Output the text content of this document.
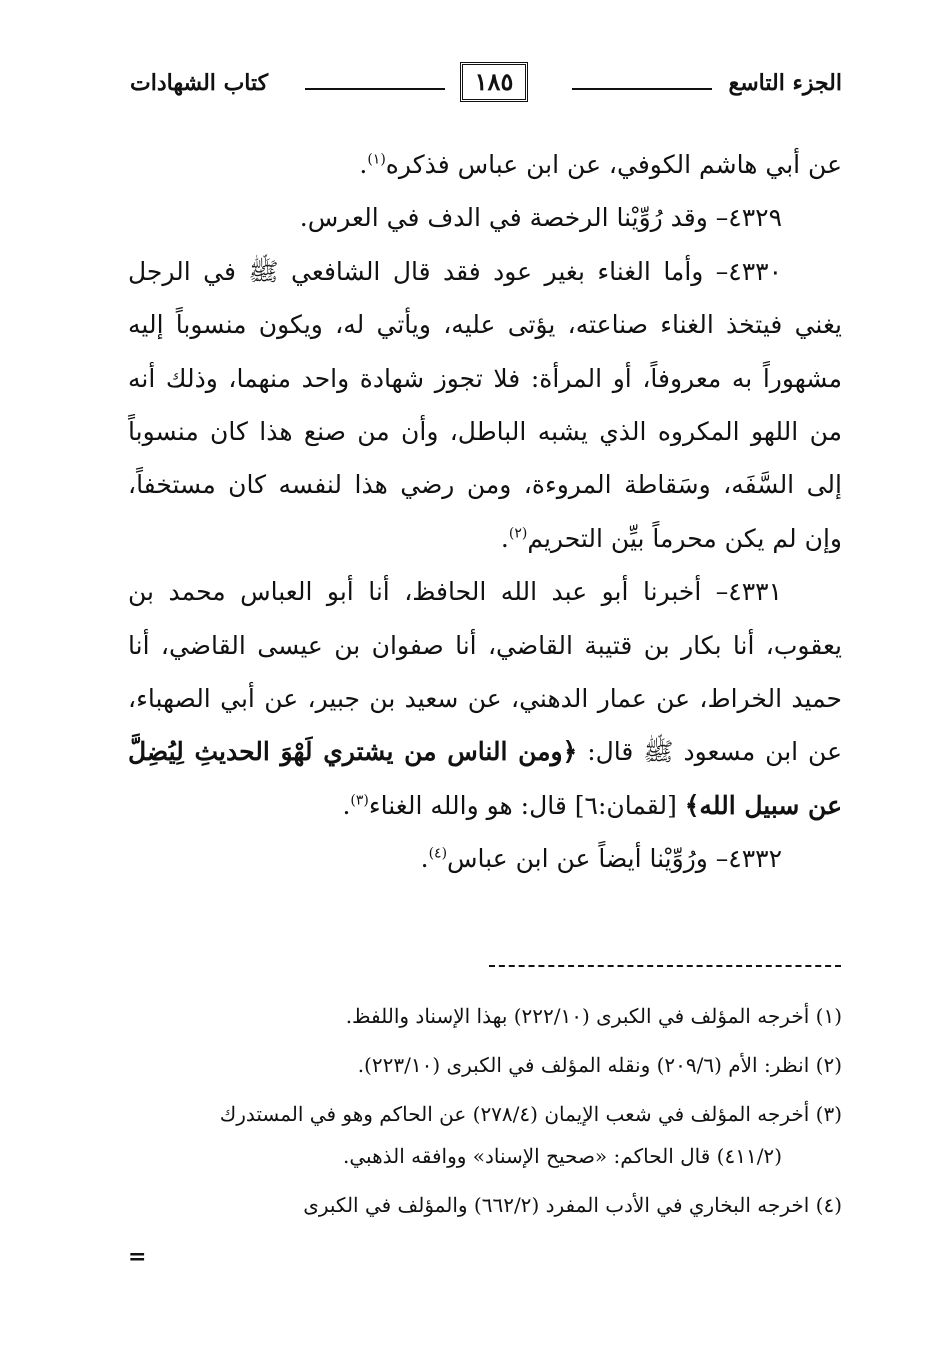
الجزء التاسع
١٨٥
كتاب الشهادات

عن أبي هاشم الكوفي، عن ابن عباس فذكره$^{(١)}$.

٤٣٢٩– وقد رُوِّيْنا الرخصة في الدف في العرس.

٤٣٣٠– وأما الغناء بغير عود فقد قال الشافعي ﷺ في الرجل يغني فيتخذ الغناء صناعته، يؤتى عليه، ويأتي له، ويكون منسوباً إليه مشهوراً به معروفاً، أو المرأة: فلا تجوز شهادة واحد منهما، وذلك أنه من اللهو المكروه الذي يشبه الباطل، وأن من صنع هذا كان منسوباً إلى السَّفَه، وسَقاطة المروءة، ومن رضي هذا لنفسه كان مستخفاً، وإن لم يكن محرماً بيِّن التحريم$^{(٢)}$.

٤٣٣١– أخبرنا أبو عبد الله الحافظ، أنا أبو العباس محمد بن يعقوب، أنا بكار بن قتيبة القاضي، أنا صفوان بن عيسى القاضي، أنا حميد الخراط، عن عمار الدهني، عن سعيد بن جبير، عن أبي الصهباء، عن ابن مسعود ﷺ قال: ﴿ومن الناس من يشتري لَهْوَ الحديثِ لِيُضِلَّ عن سبيل الله﴾ [لقمان:٦] قال: هو والله الغناء$^{(٣)}$.

٤٣٣٢– ورُوِّيْنا أيضاً عن ابن عباس$^{(٤)}$.

(١) أخرجه المؤلف في الكبرى (٢٢٢/١٠) بهذا الإسناد واللفظ.

(٢) انظر: الأم (٢٠٩/٦) ونقله المؤلف في الكبرى (٢٢٣/١٠).

(٣) أخرجه المؤلف في شعب الإيمان (٢٧٨/٤) عن الحاكم وهو في المستدرك

(٤١١/٢) قال الحاكم: «صحيح الإسناد» ووافقه الذهبي.

(٤) اخرجه البخاري في الأدب المفرد (٦٦٢/٢) والمؤلف في الكبرى

=
